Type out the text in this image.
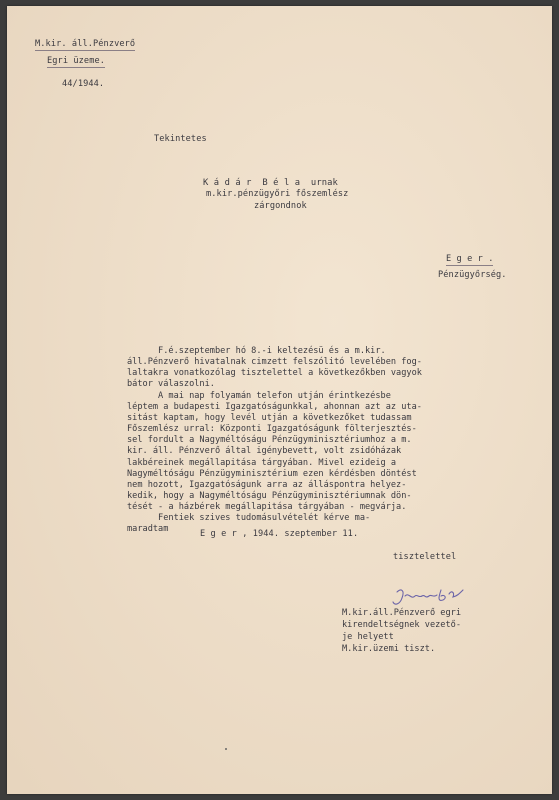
M.kir. áll.Pénzverő
Egri üzeme.
44/1944.
Tekintetes
K á d á r  B é l a  urnak
m.kir.pénzügyőri főszemlész
zárgondnok
E g e r .
Pénzügyőrség.
F.é.szeptember hó 8.-i keltezésü és a m.kir.
áll.Pénzverő hivatalnak cimzett felszólitó levelében fog-
laltakra vonatkozólag tisztelettel a következőkben vagyok
bátor válaszolni.
A mai nap folyamán telefon utján érintkezésbe
léptem a budapesti Igazgatóságunkkal, ahonnan azt az uta-
sitást kaptam, hogy levél utján a következőket tudassam
Főszemlész urral: Központi Igazgatóságunk fölterjesztés-
sel fordult a Nagyméltóságu Pénzügyminisztériumhoz a m.
kir. áll. Pénzverő által igénybevett, volt zsidóházak
lakbéreinek megállapitása tárgyában. Mivel ezideig a
Nagyméltóságu Pénzügyminisztérium ezen kérdésben döntést
nem hozott, Igazgatóságunk arra az álláspontra helyez-
kedik, hogy a Nagyméltóságu Pénzügyminisztériumnak dön-
tését - a házbérek megállapitása tárgyában - megvárja.
Fentiek szives tudomásulvételét kérve ma-
maradtam	E g e r , 1944. szeptember 11.
tisztelettel
M.kir.áll.Pénzverő egri
kirendeltségnek vezető-
je helyett
M.kir.üzemi tiszt.
